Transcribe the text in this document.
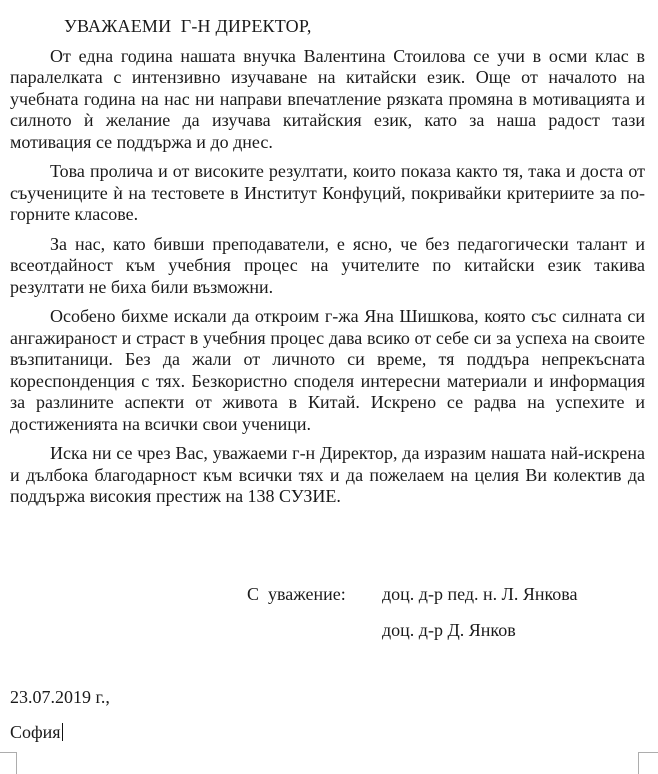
УВАЖАЕМИ  Г-Н ДИРЕКТОР,

От една година нашата внучка Валентина Стоилова се учи в осми клас в паралелката с интензивно изучаване на китайски език. Още от началото на учебната година на нас ни направи впечатление рязката промяна в мотивацията и силното ѝ желание да изучава китайския език, като за наша радост тази мотивация се поддържа и до днес.

Това пролича и от високите резултати, които показа както тя, така и доста от съучениците ѝ на тестовете в Институт Конфуций, покривайки критериите за по-горните класове.

За нас, като бивши преподаватели, е ясно, че без педагогически талант и всеотдайност към учебния процес на учителите по китайски език такива резултати не биха били възможни.

Особено бихме искали да откроим г-жа Яна Шишкова, която със силната си ангажираност и страст в учебния процес дава всико от себе си за успеха на своите възпитаници. Без да жали от личното си време, тя поддъра непрекъсната кореспонденция с тях. Безкористно споделя интересни материали и информация за разлините аспекти от живота в Китай. Искрено се радва на успехите и достиженията на всички свои ученици.

Иска ни се чрез Вас, уважаеми г-н Директор, да изразим нашата най-искрена и дълбока благодарност към всички тях и да пожелаем на целия Ви колектив да поддържа високия престиж на 138 СУЗИЕ.

С  уважение:	доц. д-р пед. н. Л. Янкова
доц. д-р Д. Янков
23.07.2019 г.,
София
